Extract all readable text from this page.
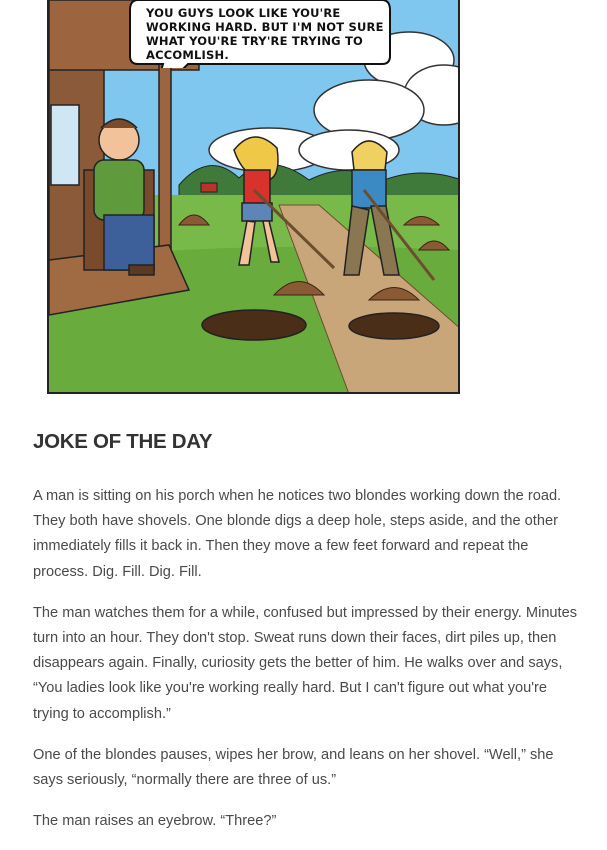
YOU GUYS LOOK LIKE YOU'RE
WORKING HARD. BUT I'M NOT SURE
WHAT YOU'RE TRY'RE TRYING TO
ACCOMLISH.
JOKE OF THE DAY

A man is sitting on his porch when he notices two blondes working down the road. They both have shovels. One blonde digs a deep hole, steps aside, and the other immediately fills it back in. Then they move a few feet forward and repeat the process. Dig. Fill. Dig. Fill.

The man watches them for a while, confused but impressed by their energy. Minutes turn into an hour. They don't stop. Sweat runs down their faces, dirt piles up, then disappears again. Finally, curiosity gets the better of him. He walks over and says, “You ladies look like you're working really hard. But I can't figure out what you're trying to accomplish.”

One of the blondes pauses, wipes her brow, and leans on her shovel. “Well,” she says seriously, “normally there are three of us.”

The man raises an eyebrow. “Three?”
